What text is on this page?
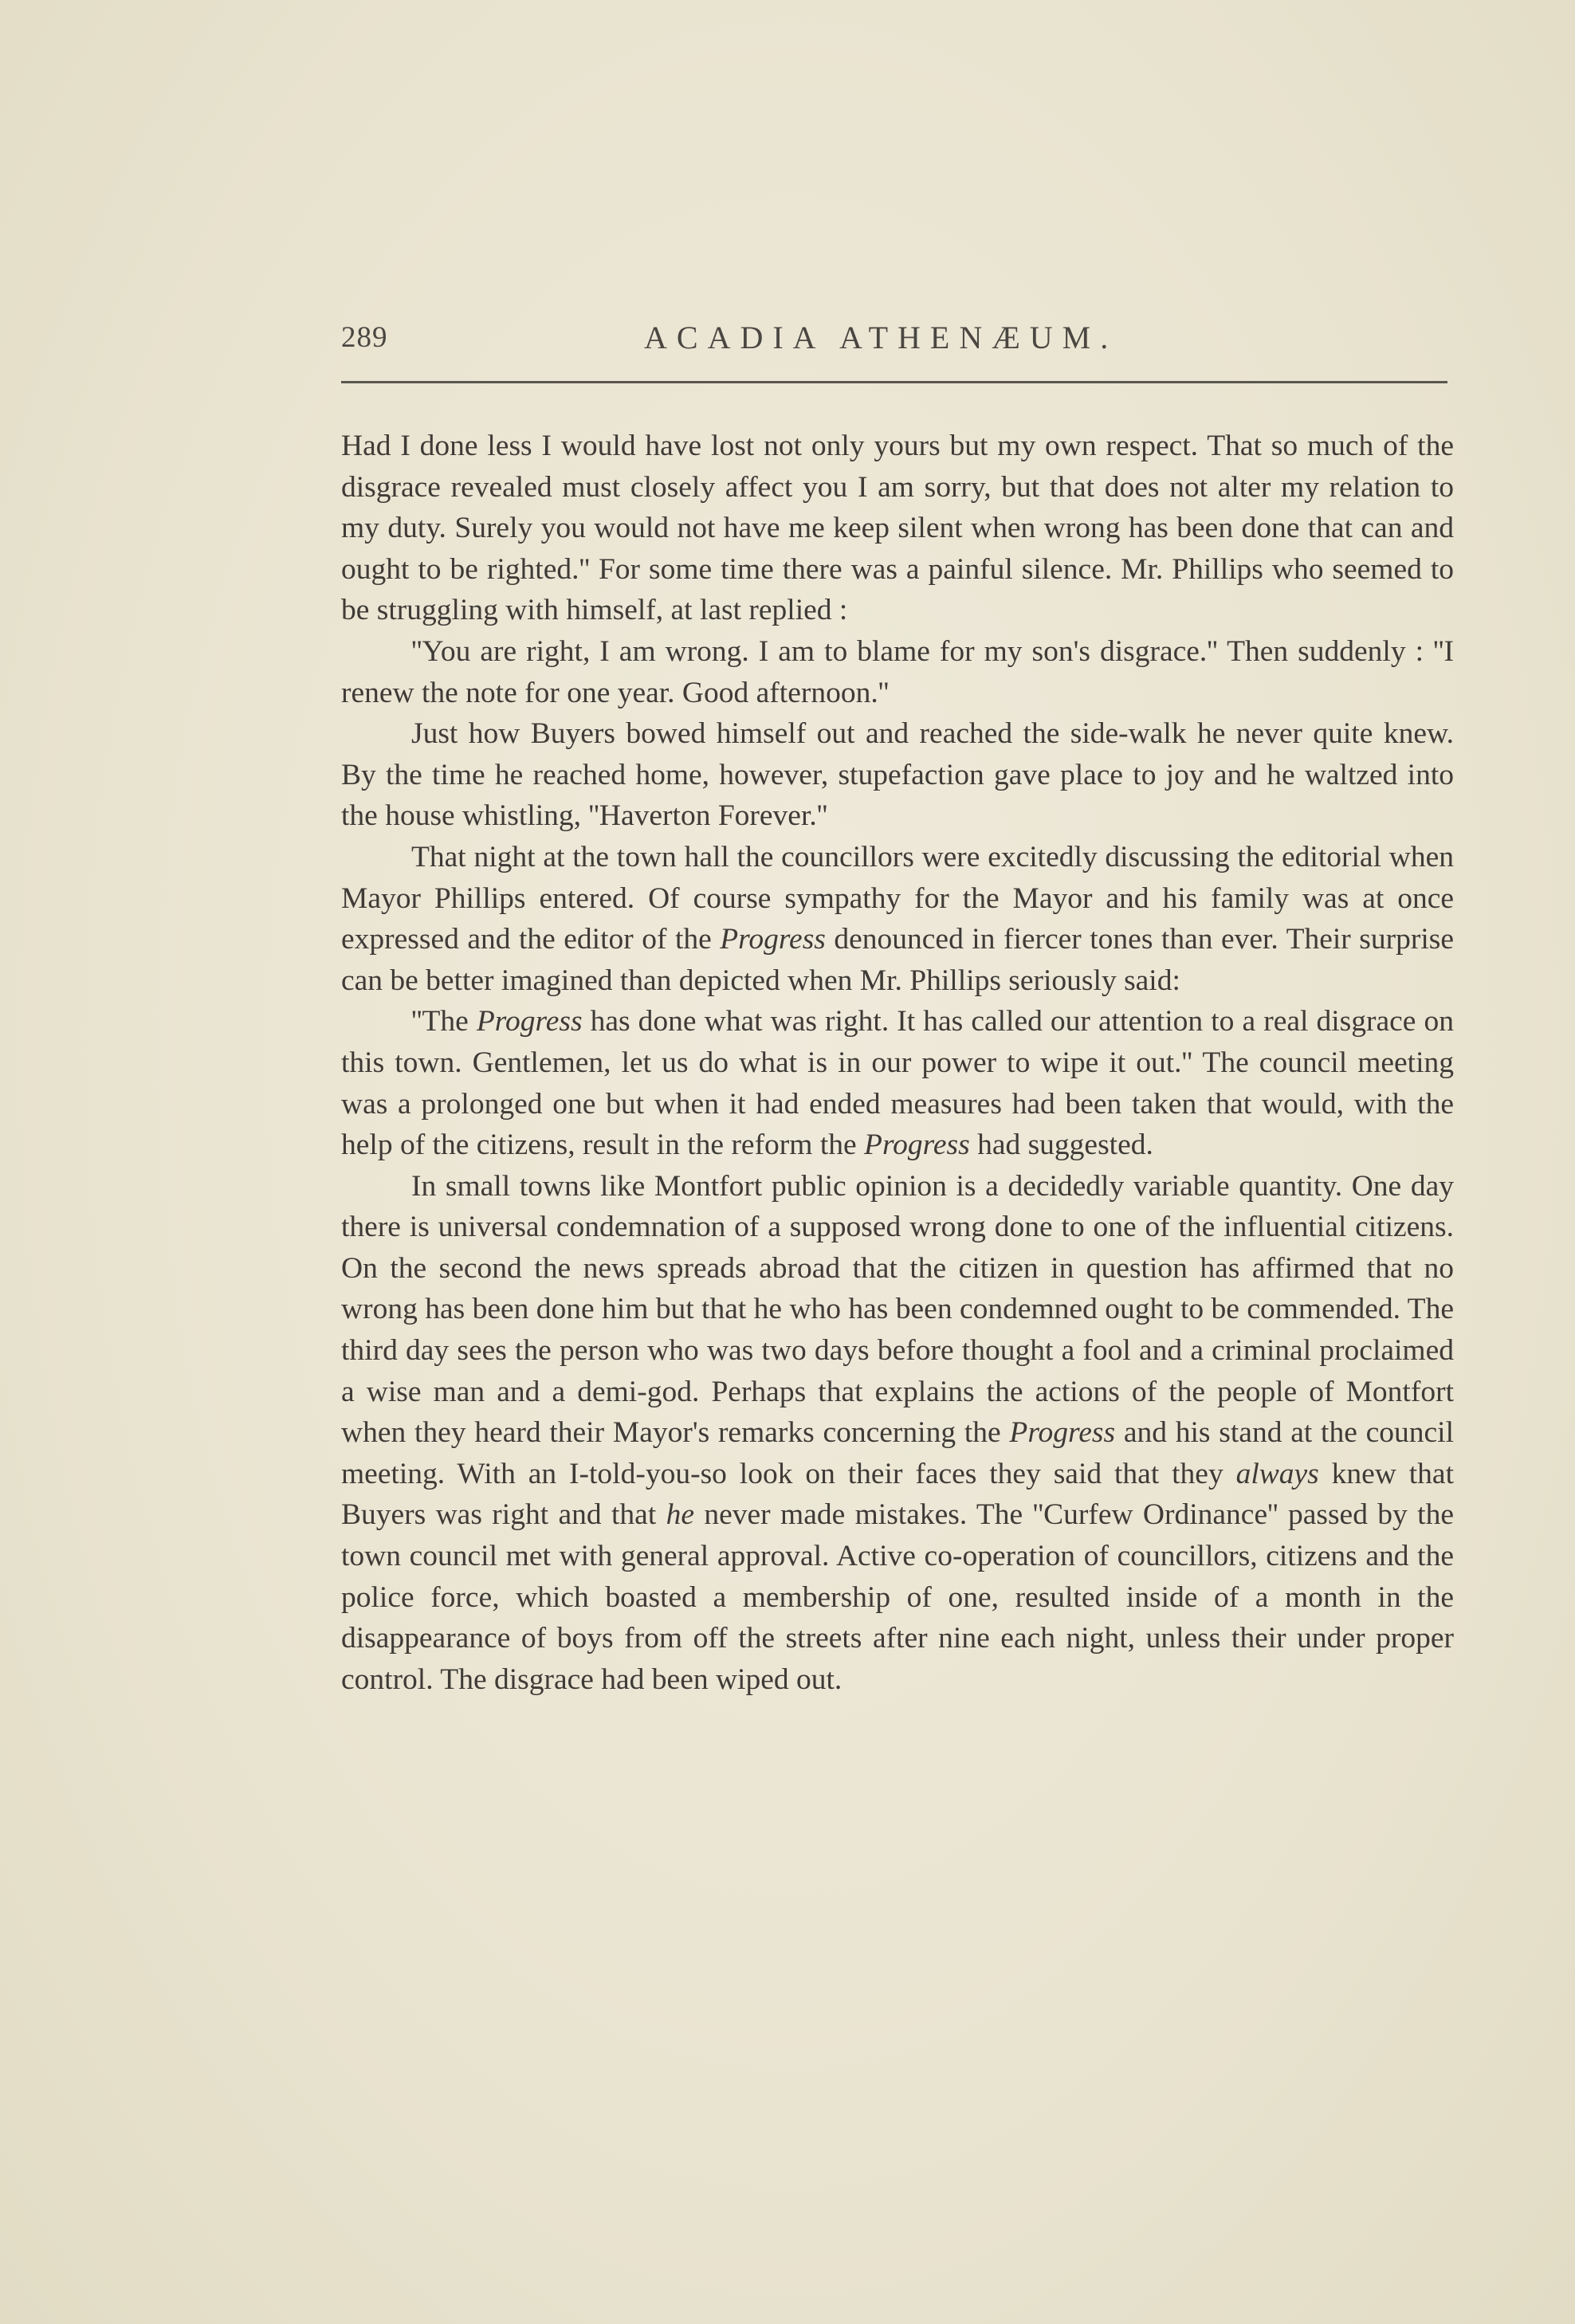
289	ACADIA ATHENÆUM.

Had I done less I would have lost not only yours but my own respect. That so much of the disgrace revealed must closely affect you I am sorry, but that does not alter my relation to my duty. Surely you would not have me keep silent when wrong has been done that can and ought to be righted.'' For some time there was a painful silence. Mr. Phillips who seemed to be struggling with himself, at last replied :

''You are right, I am wrong. I am to blame for my son's disgrace.'' Then suddenly : ''I renew the note for one year. Good afternoon.''

Just how Buyers bowed himself out and reached the side-walk he never quite knew. By the time he reached home, however, stupefaction gave place to joy and he waltzed into the house whistling, ''Haverton Forever.''

That night at the town hall the councillors were excitedly discussing the editorial when Mayor Phillips entered. Of course sympathy for the Mayor and his family was at once expressed and the editor of the Progress denounced in fiercer tones than ever. Their surprise can be better imagined than depicted when Mr. Phillips seriously said:

''The Progress has done what was right. It has called our attention to a real disgrace on this town. Gentlemen, let us do what is in our power to wipe it out.'' The council meeting was a prolonged one but when it had ended measures had been taken that would, with the help of the citizens, result in the reform the Progress had suggested.

In small towns like Montfort public opinion is a decidedly variable quantity. One day there is universal condemnation of a supposed wrong done to one of the influential citizens. On the second the news spreads abroad that the citizen in question has affirmed that no wrong has been done him but that he who has been condemned ought to be commended. The third day sees the person who was two days before thought a fool and a criminal proclaimed a wise man and a demi-god. Perhaps that explains the actions of the people of Montfort when they heard their Mayor's remarks concerning the Progress and his stand at the council meeting. With an I-told-you-so look on their faces they said that they always knew that Buyers was right and that he never made mistakes. The ''Curfew Ordinance'' passed by the town council met with general approval. Active co-operation of councillors, citizens and the police force, which boasted a membership of one, resulted inside of a month in the disappearance of boys from off the streets after nine each night, unless their under proper control. The disgrace had been wiped out.
